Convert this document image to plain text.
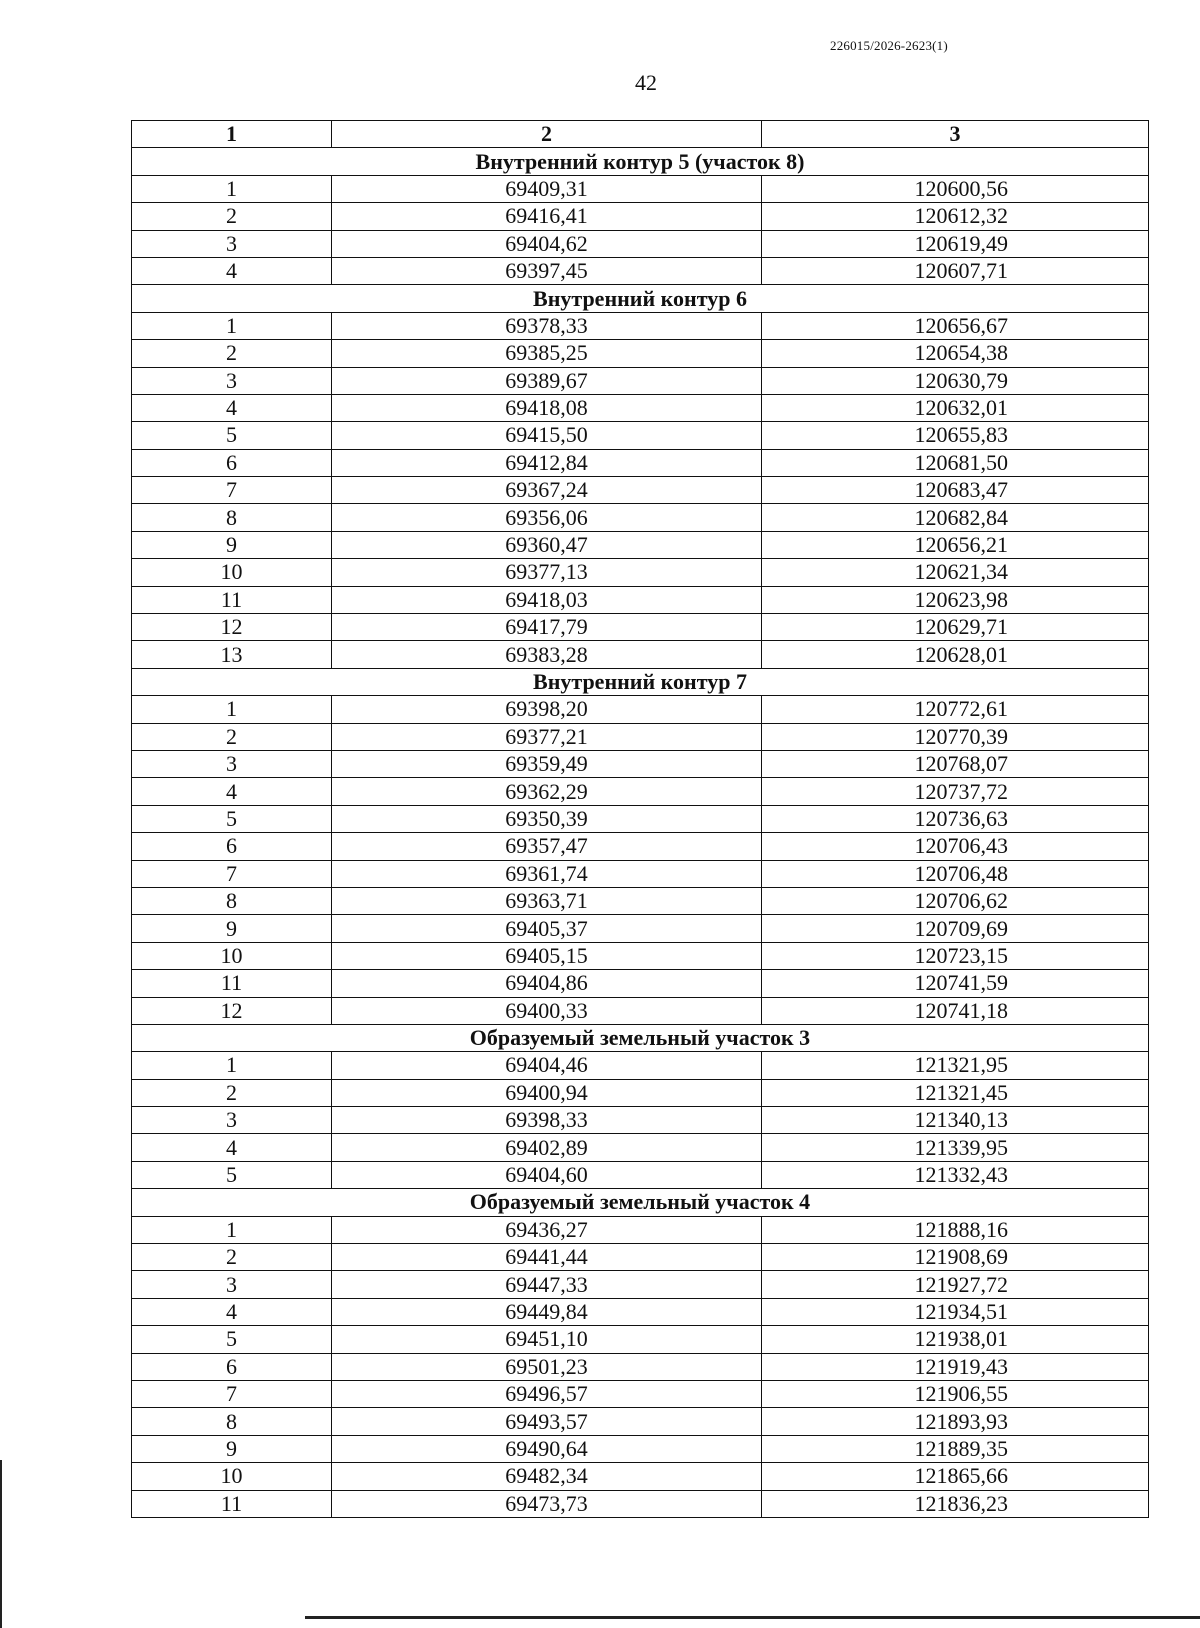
226015/2026-2623(1)
42
1	2	3
Внутренний контур 5 (участок 8)		
1	69409,31	120600,56
2	69416,41	120612,32
3	69404,62	120619,49
4	69397,45	120607,71
Внутренний контур 6		
1	69378,33	120656,67
2	69385,25	120654,38
3	69389,67	120630,79
4	69418,08	120632,01
5	69415,50	120655,83
6	69412,84	120681,50
7	69367,24	120683,47
8	69356,06	120682,84
9	69360,47	120656,21
10	69377,13	120621,34
11	69418,03	120623,98
12	69417,79	120629,71
13	69383,28	120628,01
Внутренний контур 7		
1	69398,20	120772,61
2	69377,21	120770,39
3	69359,49	120768,07
4	69362,29	120737,72
5	69350,39	120736,63
6	69357,47	120706,43
7	69361,74	120706,48
8	69363,71	120706,62
9	69405,37	120709,69
10	69405,15	120723,15
11	69404,86	120741,59
12	69400,33	120741,18
Образуемый земельный участок 3		
1	69404,46	121321,95
2	69400,94	121321,45
3	69398,33	121340,13
4	69402,89	121339,95
5	69404,60	121332,43
Образуемый земельный участок 4		
1	69436,27	121888,16
2	69441,44	121908,69
3	69447,33	121927,72
4	69449,84	121934,51
5	69451,10	121938,01
6	69501,23	121919,43
7	69496,57	121906,55
8	69493,57	121893,93
9	69490,64	121889,35
10	69482,34	121865,66
11	69473,73	121836,23
